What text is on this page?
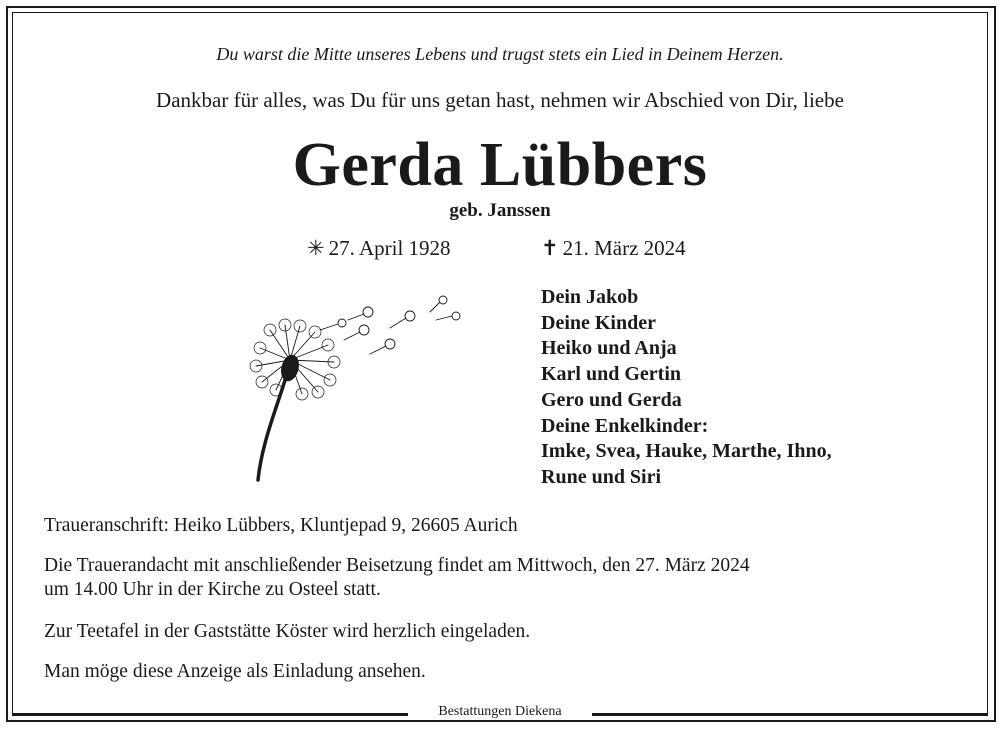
Du warst die Mitte unseres Lebens und trugst stets ein Lied in Deinem Herzen.
Dankbar für alles, was Du für uns getan hast, nehmen wir Abschied von Dir, liebe
Gerda Lübbers
geb. Janssen
✳ 27. April 1928	✝ 21. März 2024
Dein Jakob
Deine Kinder
Heiko und Anja
Karl und Gertin
Gero und Gerda
Deine Enkelkinder:
Imke, Svea, Hauke, Marthe, Ihno,
Rune und Siri
Traueranschrift: Heiko Lübbers, Kluntjepad 9, 26605 Aurich
Die Trauerandacht mit anschließender Beisetzung findet am Mittwoch, den 27. März 2024
um 14.00 Uhr in der Kirche zu Osteel statt.
Zur Teetafel in der Gaststätte Köster wird herzlich eingeladen.
Man möge diese Anzeige als Einladung ansehen.
Bestattungen Diekena
